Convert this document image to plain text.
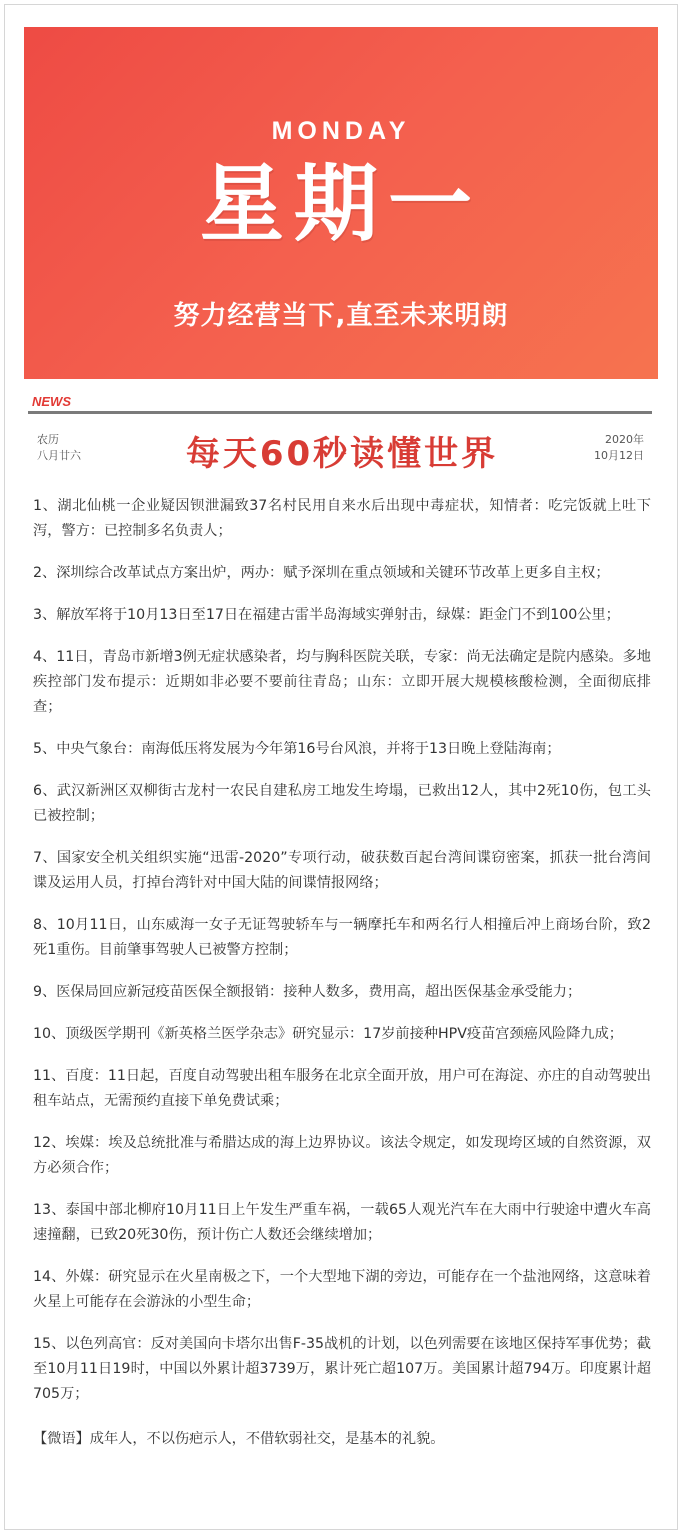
MONDAY
星期一
努力经营当下,直至未来明朗
NEWS
农历
八月廿六	每天60秒读懂世界	2020年
10月12日

1、湖北仙桃一企业疑因钡泄漏致37名村民用自来水后出现中毒症状，知情者：吃完饭就上吐下泻，警方：已控制多名负责人；

2、深圳综合改革试点方案出炉，两办：赋予深圳在重点领域和关键环节改革上更多自主权；

3、解放军将于10月13日至17日在福建古雷半岛海域实弹射击，绿媒：距金门不到100公里；

4、11日，青岛市新增3例无症状感染者，均与胸科医院关联，专家：尚无法确定是院内感染。多地疾控部门发布提示：近期如非必要不要前往青岛；山东：立即开展大规模核酸检测，全面彻底排查；

5、中央气象台：南海低压将发展为今年第16号台风浪，并将于13日晚上登陆海南；

6、武汉新洲区双柳街古龙村一农民自建私房工地发生垮塌，已救出12人，其中2死10伤，包工头已被控制；

7、国家安全机关组织实施“迅雷-2020”专项行动，破获数百起台湾间谍窃密案，抓获一批台湾间谍及运用人员，打掉台湾针对中国大陆的间谍情报网络；

8、10月11日，山东威海一女子无证驾驶轿车与一辆摩托车和两名行人相撞后冲上商场台阶，致2死1重伤。目前肇事驾驶人已被警方控制；

9、医保局回应新冠疫苗医保全额报销：接种人数多，费用高，超出医保基金承受能力；

10、顶级医学期刊《新英格兰医学杂志》研究显示：17岁前接种HPV疫苗宫颈癌风险降九成；

11、百度：11日起，百度自动驾驶出租车服务在北京全面开放，用户可在海淀、亦庄的自动驾驶出租车站点，无需预约直接下单免费试乘；

12、埃媒：埃及总统批准与希腊达成的海上边界协议。该法令规定，如发现垮区域的自然资源，双方必须合作；

13、泰国中部北柳府10月11日上午发生严重车祸，一载65人观光汽车在大雨中行驶途中遭火车高速撞翻，已致20死30伤，预计伤亡人数还会继续增加；

14、外媒：研究显示在火星南极之下，一个大型地下湖的旁边，可能存在一个盐池网络，这意味着火星上可能存在会游泳的小型生命；

15、以色列高官：反对美国向卡塔尔出售F-35战机的计划，以色列需要在该地区保持军事优势；截至10月11日19时，中国以外累计超3739万，累计死亡超107万。美国累计超794万。印度累计超705万；

【微语】成年人，不以伤疤示人，不借软弱社交，是基本的礼貌。
